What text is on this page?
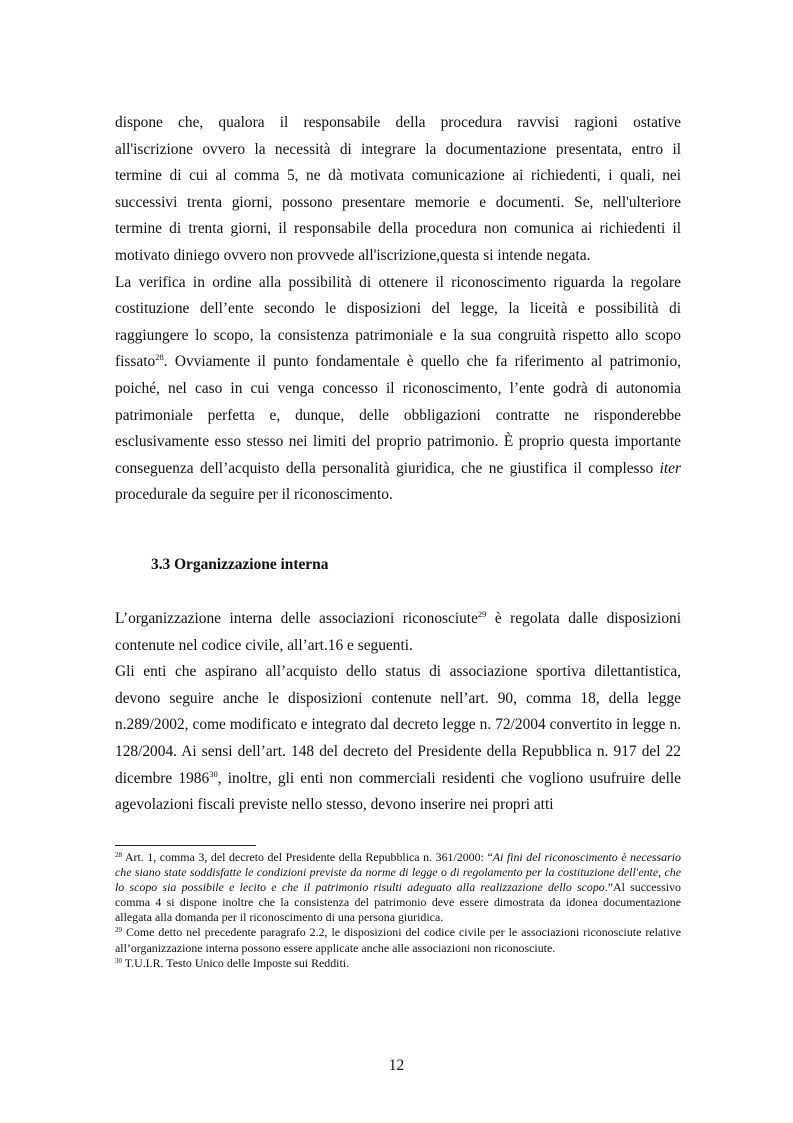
dispone che, qualora il responsabile della procedura ravvisi ragioni ostative
all'iscrizione ovvero la necessità di integrare la documentazione presentata, entro il
termine di cui al comma 5, ne dà motivata comunicazione ai richiedenti, i quali, nei
successivi trenta giorni, possono presentare memorie e documenti. Se, nell'ulteriore
termine di trenta giorni, il responsabile della procedura non comunica ai richiedenti il
motivato diniego ovvero non provvede all'iscrizione,questa si intende negata.

La verifica in ordine alla possibilità di ottenere il riconoscimento riguarda la regolare costituzione dell’ente secondo le disposizioni del legge, la liceità e possibilità di raggiungere lo scopo, la consistenza patrimoniale e la sua congruità rispetto allo scopo fissato$^{28}$. Ovviamente il punto fondamentale è quello che fa riferimento al patrimonio, poiché, nel caso in cui venga concesso il riconoscimento, l’ente godrà di autonomia patrimoniale perfetta e, dunque, delle obbligazioni contratte ne risponderebbe esclusivamente esso stesso nei limiti del proprio patrimonio. È proprio questa importante conseguenza dell’acquisto della personalità giuridica, che ne giustifica il complesso iter procedurale da seguire per il riconoscimento.

3.3 Organizzazione interna

L’organizzazione interna delle associazioni riconosciute$^{29}$ è regolata dalle disposizioni contenute nel codice civile, all’art.16 e seguenti.

Gli enti che aspirano all’acquisto dello status di associazione sportiva dilettantistica, devono seguire anche le disposizioni contenute nell’art. 90, comma 18, della legge n.289/2002, come modificato e integrato dal decreto legge n. 72/2004 convertito in legge n. 128/2004. Ai sensi dell’art. 148 del decreto del Presidente della Repubblica n. 917 del 22 dicembre 1986$^{30}$, inoltre, gli enti non commerciali residenti che vogliono usufruire delle agevolazioni fiscali previste nello stesso, devono inserire nei propri atti

$^{28}$ Art. 1, comma 3, del decreto del Presidente della Repubblica n. 361/2000: “Ai fini del riconoscimento è necessario che siano state soddisfatte le condizioni previste da norme di legge o di regolamento per la costituzione dell'ente, che lo scopo sia possibile e lecito e che il patrimonio risulti adeguato alla realizzazione dello scopo.”Al successivo comma 4 si dispone inoltre che la consistenza del patrimonio deve essere dimostrata da idonea documentazione allegata alla domanda per il riconoscimento di una persona giuridica.

$^{29}$ Come detto nel precedente paragrafo 2.2, le disposizioni del codice civile per le associazioni riconosciute relative all’organizzazione interna possono essere applicate anche alle associazioni non riconosciute.

$^{30}$ T.U.I.R. Testo Unico delle Imposte sui Redditi.

12
